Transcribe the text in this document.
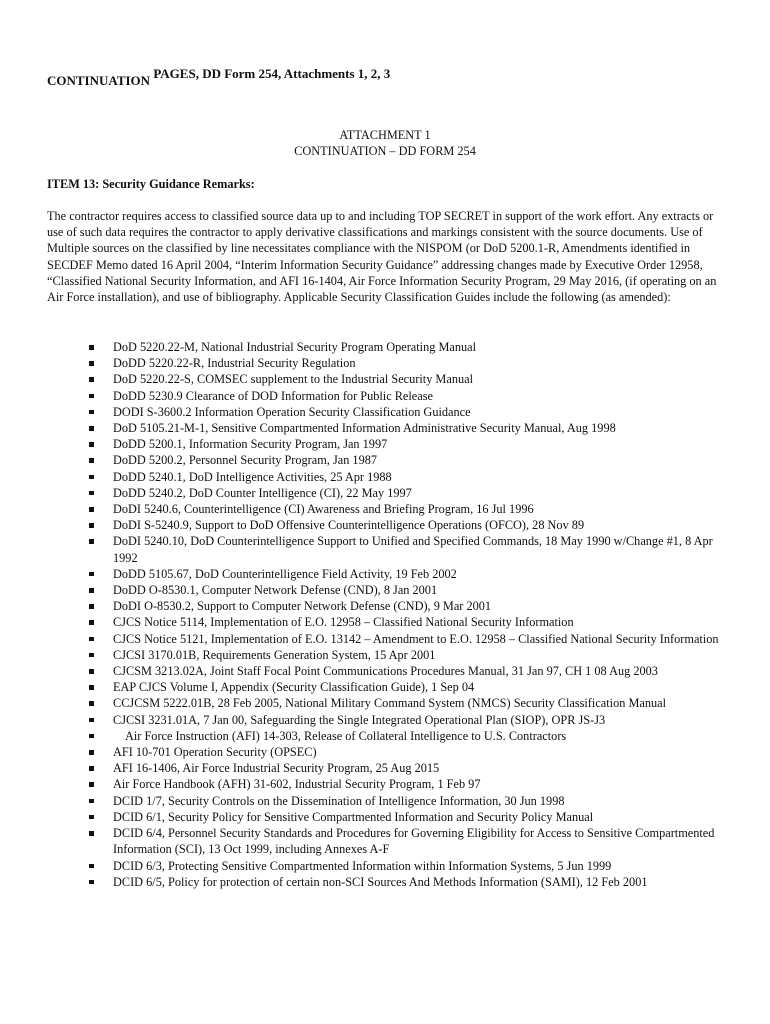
CONTINUATION PAGES, DD Form 254, Attachments 1, 2, 3
ATTACHMENT 1
CONTINUATION – DD FORM 254
ITEM 13: Security Guidance Remarks:
The contractor requires access to classified source data up to and including TOP SECRET in support of the work effort. Any extracts or use of such data requires the contractor to apply derivative classifications and markings consistent with the source documents. Use of Multiple sources on the classified by line necessitates compliance with the NISPOM (or DoD 5200.1-R, Amendments identified in SECDEF Memo dated 16 April 2004, “Interim Information Security Guidance” addressing changes made by Executive Order 12958, “Classified National Security Information, and AFI 16-1404, Air Force Information Security Program, 29 May 2016, (if operating on an Air Force installation), and use of bibliography. Applicable Security Classification Guides include the following (as amended):
DoD 5220.22-M, National Industrial Security Program Operating Manual
DoDD 5220.22-R, Industrial Security Regulation
DoD 5220.22-S, COMSEC supplement to the Industrial Security Manual
DoDD 5230.9 Clearance of DOD Information for Public Release
DODI S-3600.2 Information Operation Security Classification Guidance
DoD 5105.21-M-1, Sensitive Compartmented Information Administrative Security Manual, Aug 1998
DoDD 5200.1, Information Security Program, Jan 1997
DoDD 5200.2, Personnel Security Program, Jan 1987
DoDD 5240.1, DoD Intelligence Activities, 25 Apr 1988
DoDD 5240.2, DoD Counter Intelligence (CI), 22 May 1997
DoDI 5240.6, Counterintelligence (CI) Awareness and Briefing Program, 16 Jul 1996
DoDI S-5240.9, Support to DoD Offensive Counterintelligence Operations (OFCO), 28 Nov 89
DoDI 5240.10, DoD Counterintelligence Support to Unified and Specified Commands, 18 May 1990 w/Change #1, 8 Apr 1992
DoDD 5105.67, DoD Counterintelligence Field Activity, 19 Feb 2002
DoDD O-8530.1, Computer Network Defense (CND), 8 Jan 2001
DoDI O-8530.2, Support to Computer Network Defense (CND), 9 Mar 2001
CJCS Notice 5114, Implementation of E.O. 12958 – Classified National Security Information
CJCS Notice 5121, Implementation of E.O. 13142 – Amendment to E.O. 12958 – Classified National Security Information
CJCSI 3170.01B, Requirements Generation System, 15 Apr 2001
CJCSM 3213.02A, Joint Staff Focal Point Communications Procedures Manual, 31 Jan 97, CH 1 08 Aug 2003
EAP CJCS Volume I, Appendix (Security Classification Guide), 1 Sep 04
CCJCSM 5222.01B, 28 Feb 2005, National Military Command System (NMCS) Security Classification Manual
CJCSI 3231.01A, 7 Jan 00, Safeguarding the Single Integrated Operational Plan (SIOP), OPR JS-J3
Air Force Instruction (AFI) 14-303, Release of Collateral Intelligence to U.S. Contractors
AFI 10-701 Operation Security (OPSEC)
AFI 16-1406, Air Force Industrial Security Program, 25 Aug 2015
Air Force Handbook (AFH) 31-602, Industrial Security Program, 1 Feb 97
DCID 1/7, Security Controls on the Dissemination of Intelligence Information, 30 Jun 1998
DCID 6/1, Security Policy for Sensitive Compartmented Information and Security Policy Manual
DCID 6/4, Personnel Security Standards and Procedures for Governing Eligibility for Access to Sensitive Compartmented Information (SCI), 13 Oct 1999, including Annexes A-F
DCID 6/3, Protecting Sensitive Compartmented Information within Information Systems, 5 Jun 1999
DCID 6/5, Policy for protection of certain non-SCI Sources And Methods Information (SAMI), 12 Feb 2001
